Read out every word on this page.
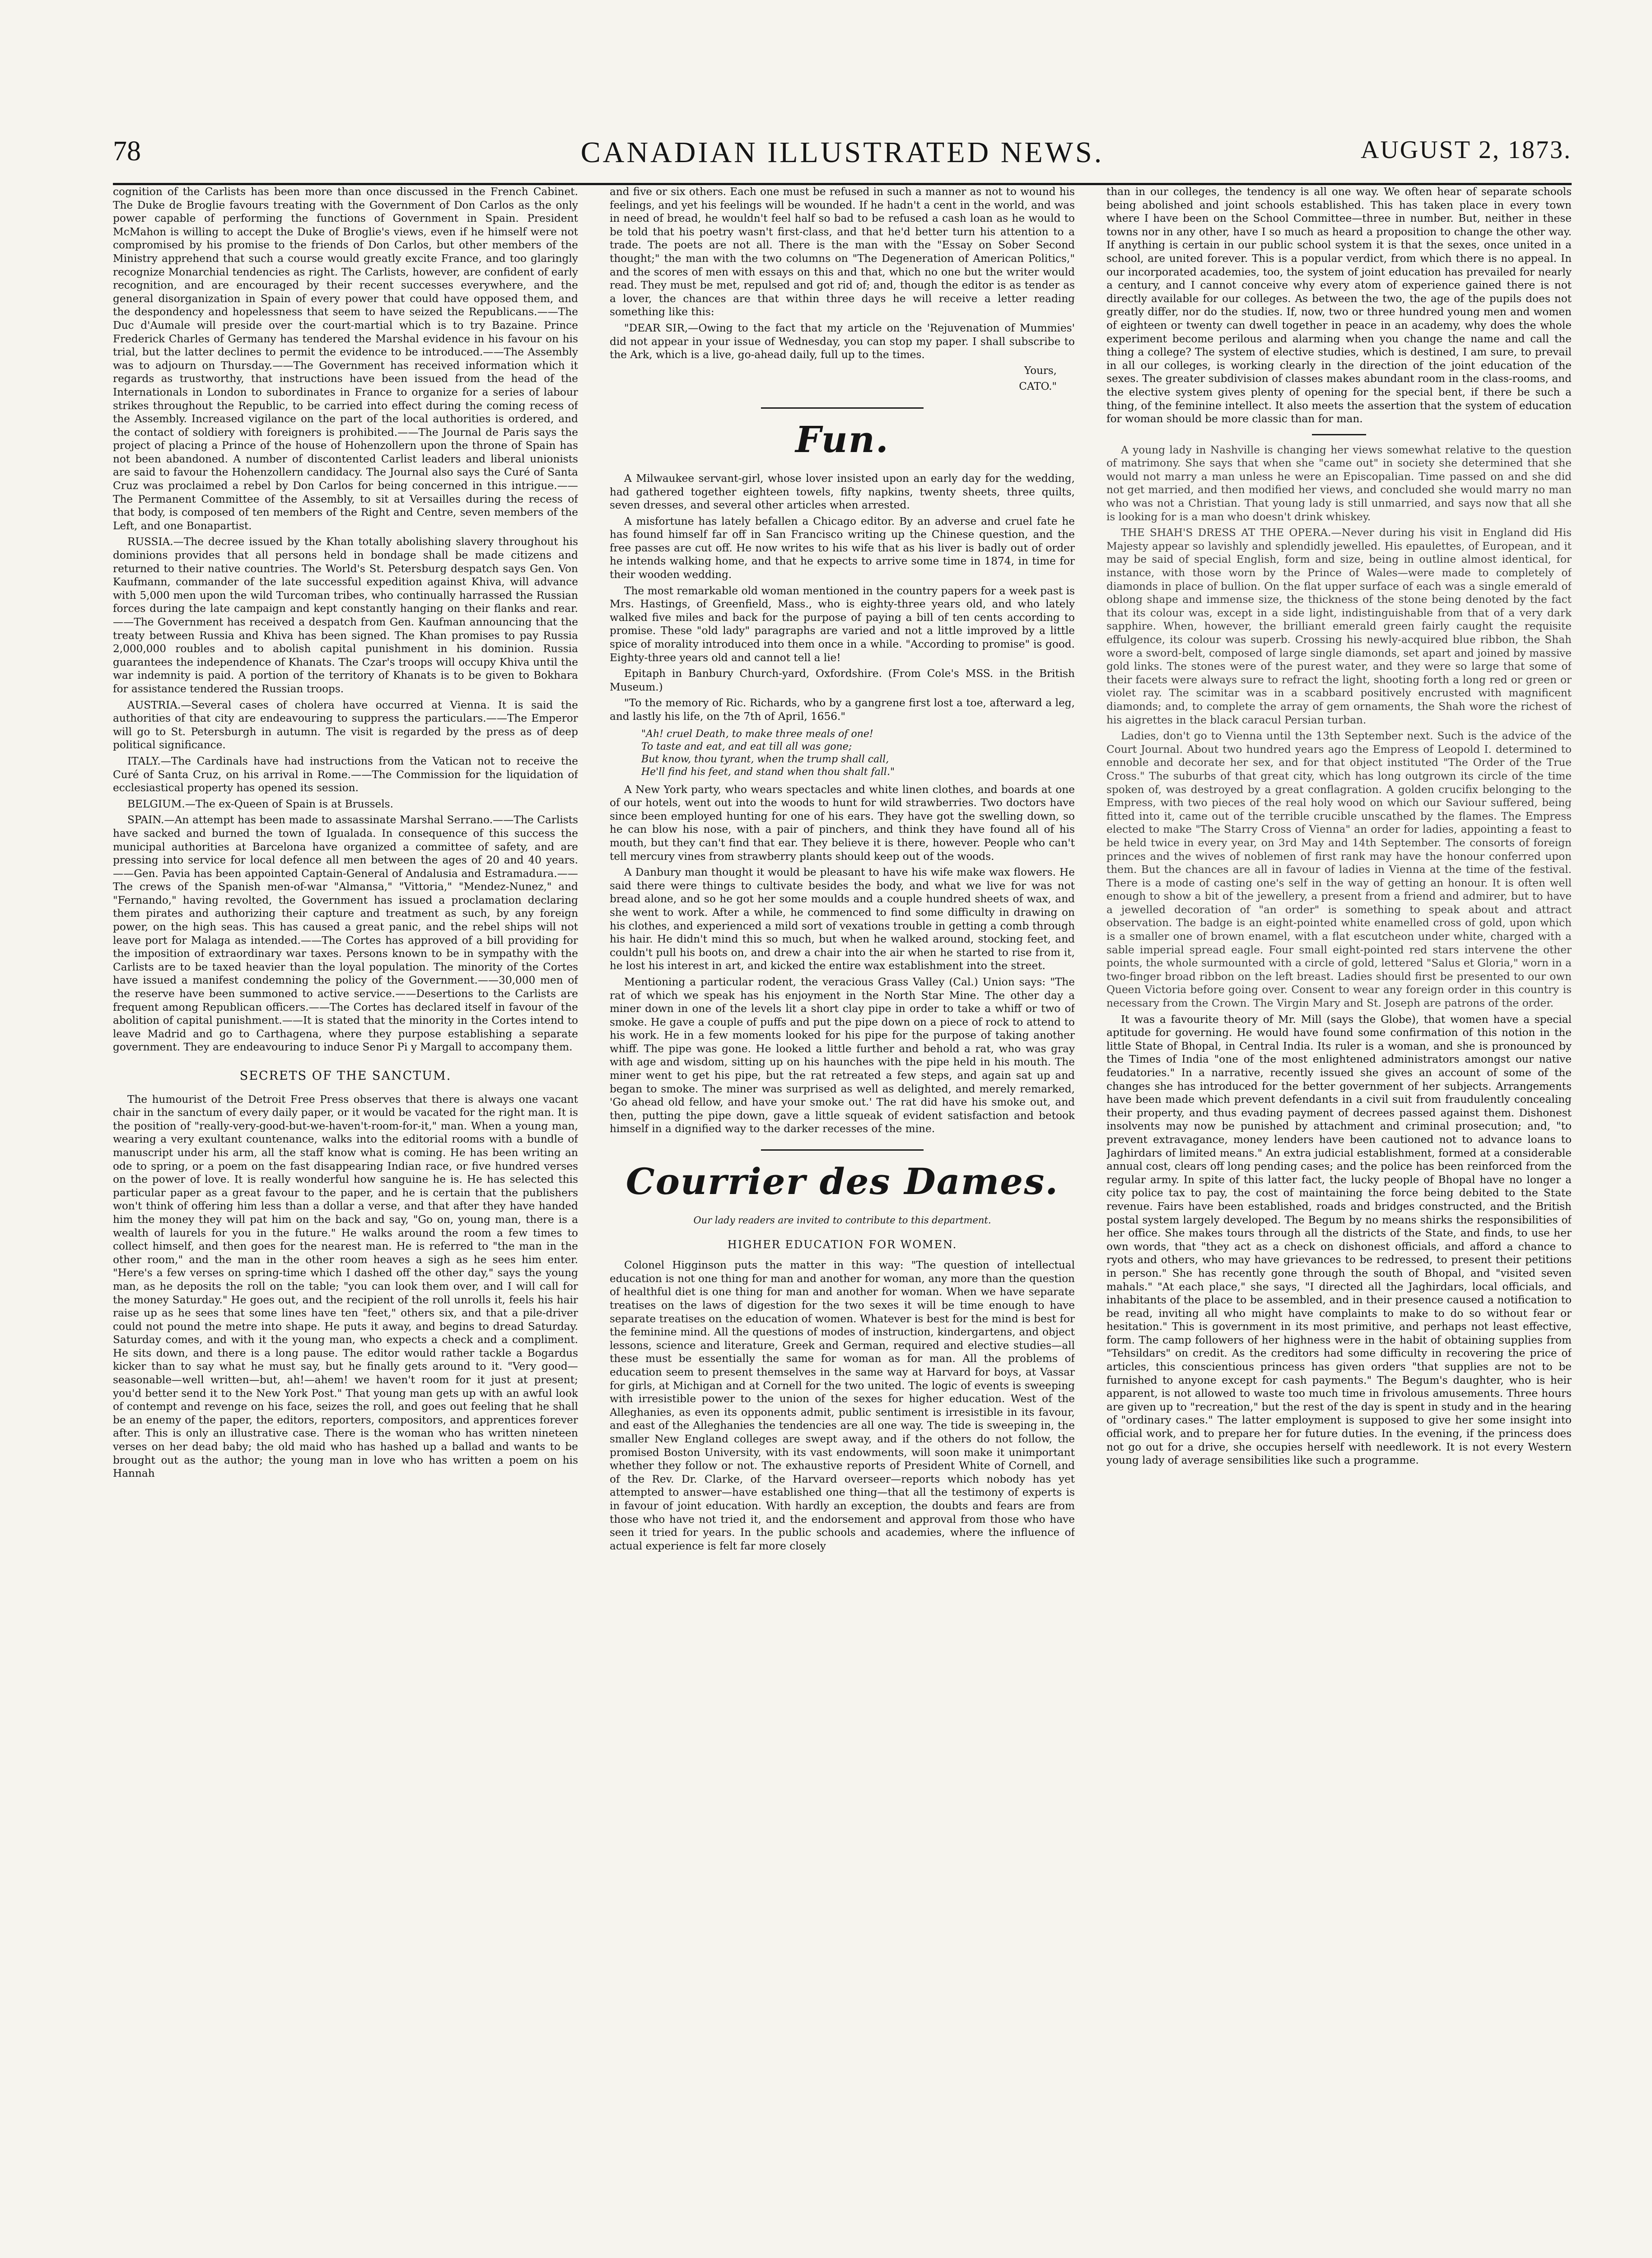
78	CANADIAN ILLUSTRATED NEWS.	AUGUST 2, 1873.

cognition of the Carlists has been more than once discussed in the French Cabinet. The Duke de Broglie favours treating with the Government of Don Carlos as the only power capable of performing the functions of Government in Spain. President McMahon is willing to accept the Duke of Broglie's views, even if he himself were not compromised by his promise to the friends of Don Carlos, but other members of the Ministry apprehend that such a course would greatly excite France, and too glaringly recognize Monarchial tendencies as right. The Carlists, however, are confident of early recognition, and are encouraged by their recent successes everywhere, and the general disorganization in Spain of every power that could have opposed them, and the despondency and hopelessness that seem to have seized the Republicans.——The Duc d'Aumale will preside over the court-martial which is to try Bazaine. Prince Frederick Charles of Germany has tendered the Marshal evidence in his favour on his trial, but the latter declines to permit the evidence to be introduced.——The Assembly was to adjourn on Thursday.——The Government has received information which it regards as trustworthy, that instructions have been issued from the head of the Internationals in London to subordinates in France to organize for a series of labour strikes throughout the Republic, to be carried into effect during the coming recess of the Assembly. Increased vigilance on the part of the local authorities is ordered, and the contact of soldiery with foreigners is prohibited.——The Journal de Paris says the project of placing a Prince of the house of Hohenzollern upon the throne of Spain has not been abandoned. A number of discontented Carlist leaders and liberal unionists are said to favour the Hohenzollern candidacy. The Journal also says the Curé of Santa Cruz was proclaimed a rebel by Don Carlos for being concerned in this intrigue.——The Permanent Committee of the Assembly, to sit at Versailles during the recess of that body, is composed of ten members of the Right and Centre, seven members of the Left, and one Bonapartist.

RUSSIA.—The decree issued by the Khan totally abolishing slavery throughout his dominions provides that all persons held in bondage shall be made citizens and returned to their native countries. The World's St. Petersburg despatch says Gen. Von Kaufmann, commander of the late successful expedition against Khiva, will advance with 5,000 men upon the wild Turcoman tribes, who continually harrassed the Russian forces during the late campaign and kept constantly hanging on their flanks and rear.——The Government has received a despatch from Gen. Kaufman announcing that the treaty between Russia and Khiva has been signed. The Khan promises to pay Russia 2,000,000 roubles and to abolish capital punishment in his dominion. Russia guarantees the independence of Khanats. The Czar's troops will occupy Khiva until the war indemnity is paid. A portion of the territory of Khanats is to be given to Bokhara for assistance tendered the Russian troops.

AUSTRIA.—Several cases of cholera have occurred at Vienna. It is said the authorities of that city are endeavouring to suppress the particulars.——The Emperor will go to St. Petersburgh in autumn. The visit is regarded by the press as of deep political significance.

ITALY.—The Cardinals have had instructions from the Vatican not to receive the Curé of Santa Cruz, on his arrival in Rome.——The Commission for the liquidation of ecclesiastical property has opened its session.

BELGIUM.—The ex-Queen of Spain is at Brussels.

SPAIN.—An attempt has been made to assassinate Marshal Serrano.——The Carlists have sacked and burned the town of Igualada. In consequence of this success the municipal authorities at Barcelona have organized a committee of safety, and are pressing into service for local defence all men between the ages of 20 and 40 years.——Gen. Pavia has been appointed Captain-General of Andalusia and Estramadura.——The crews of the Spanish men-of-war "Almansa," "Vittoria," "Mendez-Nunez," and "Fernando," having revolted, the Government has issued a proclamation declaring them pirates and authorizing their capture and treatment as such, by any foreign power, on the high seas. This has caused a great panic, and the rebel ships will not leave port for Malaga as intended.——The Cortes has approved of a bill providing for the imposition of extraordinary war taxes. Persons known to be in sympathy with the Carlists are to be taxed heavier than the loyal population. The minority of the Cortes have issued a manifest condemning the policy of the Government.——30,000 men of the reserve have been summoned to active service.——Desertions to the Carlists are frequent among Republican officers.——The Cortes has declared itself in favour of the abolition of capital punishment.——It is stated that the minority in the Cortes intend to leave Madrid and go to Carthagena, where they purpose establishing a separate government. They are endeavouring to induce Senor Pi y Margall to accompany them.

SECRETS OF THE SANCTUM.

The humourist of the Detroit Free Press observes that there is always one vacant chair in the sanctum of every daily paper, or it would be vacated for the right man. It is the position of "really-very-good-but-we-haven't-room-for-it," man. When a young man, wearing a very exultant countenance, walks into the editorial rooms with a bundle of manuscript under his arm, all the staff know what is coming. He has been writing an ode to spring, or a poem on the fast disappearing Indian race, or five hundred verses on the power of love. It is really wonderful how sanguine he is. He has selected this particular paper as a great favour to the paper, and he is certain that the publishers won't think of offering him less than a dollar a verse, and that after they have handed him the money they will pat him on the back and say, "Go on, young man, there is a wealth of laurels for you in the future." He walks around the room a few times to collect himself, and then goes for the nearest man. He is referred to "the man in the other room," and the man in the other room heaves a sigh as he sees him enter. "Here's a few verses on spring-time which I dashed off the other day," says the young man, as he deposits the roll on the table; "you can look them over, and I will call for the money Saturday." He goes out, and the recipient of the roll unrolls it, feels his hair raise up as he sees that some lines have ten "feet," others six, and that a pile-driver could not pound the metre into shape. He puts it away, and begins to dread Saturday. Saturday comes, and with it the young man, who expects a check and a compliment. He sits down, and there is a long pause. The editor would rather tackle a Bogardus kicker than to say what he must say, but he finally gets around to it. "Very good—seasonable—well written—but, ah!—ahem! we haven't room for it just at present; you'd better send it to the New York Post." That young man gets up with an awful look of contempt and revenge on his face, seizes the roll, and goes out feeling that he shall be an enemy of the paper, the editors, reporters, compositors, and apprentices forever after. This is only an illustrative case. There is the woman who has written nineteen verses on her dead baby; the old maid who has hashed up a ballad and wants to be brought out as the author; the young man in love who has written a poem on his Hannah

and five or six others. Each one must be refused in such a manner as not to wound his feelings, and yet his feelings will be wounded. If he hadn't a cent in the world, and was in need of bread, he wouldn't feel half so bad to be refused a cash loan as he would to be told that his poetry wasn't first-class, and that he'd better turn his attention to a trade. The poets are not all. There is the man with the "Essay on Sober Second thought;" the man with the two columns on "The Degeneration of American Politics," and the scores of men with essays on this and that, which no one but the writer would read. They must be met, repulsed and got rid of; and, though the editor is as tender as a lover, the chances are that within three days he will receive a letter reading something like this:

"DEAR SIR,—Owing to the fact that my article on the 'Rejuvenation of Mummies' did not appear in your issue of Wednesday, you can stop my paper. I shall subscribe to the Ark, which is a live, go-ahead daily, full up to the times.

Yours,
CATO."
Fun.

A Milwaukee servant-girl, whose lover insisted upon an early day for the wedding, had gathered together eighteen towels, fifty napkins, twenty sheets, three quilts, seven dresses, and several other articles when arrested.

A misfortune has lately befallen a Chicago editor. By an adverse and cruel fate he has found himself far off in San Francisco writing up the Chinese question, and the free passes are cut off. He now writes to his wife that as his liver is badly out of order he intends walking home, and that he expects to arrive some time in 1874, in time for their wooden wedding.

The most remarkable old woman mentioned in the country papers for a week past is Mrs. Hastings, of Greenfield, Mass., who is eighty-three years old, and who lately walked five miles and back for the purpose of paying a bill of ten cents according to promise. These "old lady" paragraphs are varied and not a little improved by a little spice of morality introduced into them once in a while. "According to promise" is good. Eighty-three years old and cannot tell a lie!

Epitaph in Banbury Church-yard, Oxfordshire. (From Cole's MSS. in the British Museum.)

"To the memory of Ric. Richards, who by a gangrene first lost a toe, afterward a leg, and lastly his life, on the 7th of April, 1656."

"Ah! cruel Death, to make three meals of one!
To taste and eat, and eat till all was gone;
But know, thou tyrant, when the trump shall call,
He'll find his feet, and stand when thou shalt fall."

A New York party, who wears spectacles and white linen clothes, and boards at one of our hotels, went out into the woods to hunt for wild strawberries. Two doctors have since been employed hunting for one of his ears. They have got the swelling down, so he can blow his nose, with a pair of pinchers, and think they have found all of his mouth, but they can't find that ear. They believe it is there, however. People who can't tell mercury vines from strawberry plants should keep out of the woods.

A Danbury man thought it would be pleasant to have his wife make wax flowers. He said there were things to cultivate besides the body, and what we live for was not bread alone, and so he got her some moulds and a couple hundred sheets of wax, and she went to work. After a while, he commenced to find some difficulty in drawing on his clothes, and experienced a mild sort of vexations trouble in getting a comb through his hair. He didn't mind this so much, but when he walked around, stocking feet, and couldn't pull his boots on, and drew a chair into the air when he started to rise from it, he lost his interest in art, and kicked the entire wax establishment into the street.

Mentioning a particular rodent, the veracious Grass Valley (Cal.) Union says: "The rat of which we speak has his enjoyment in the North Star Mine. The other day a miner down in one of the levels lit a short clay pipe in order to take a whiff or two of smoke. He gave a couple of puffs and put the pipe down on a piece of rock to attend to his work. He in a few moments looked for his pipe for the purpose of taking another whiff. The pipe was gone. He looked a little further and behold a rat, who was gray with age and wisdom, sitting up on his haunches with the pipe held in his mouth. The miner went to get his pipe, but the rat retreated a few steps, and again sat up and began to smoke. The miner was surprised as well as delighted, and merely remarked, 'Go ahead old fellow, and have your smoke out.' The rat did have his smoke out, and then, putting the pipe down, gave a little squeak of evident satisfaction and betook himself in a dignified way to the darker recesses of the mine.

Courrier des Dames.
Our lady readers are invited to contribute to this department.
HIGHER EDUCATION FOR WOMEN.

Colonel Higginson puts the matter in this way: "The question of intellectual education is not one thing for man and another for woman, any more than the question of healthful diet is one thing for man and another for woman. When we have separate treatises on the laws of digestion for the two sexes it will be time enough to have separate treatises on the education of women. Whatever is best for the mind is best for the feminine mind. All the questions of modes of instruction, kindergartens, and object lessons, science and literature, Greek and German, required and elective studies—all these must be essentially the same for woman as for man. All the problems of education seem to present themselves in the same way at Harvard for boys, at Vassar for girls, at Michigan and at Cornell for the two united. The logic of events is sweeping with irresistible power to the union of the sexes for higher education. West of the Alleghanies, as even its opponents admit, public sentiment is irresistible in its favour, and east of the Alleghanies the tendencies are all one way. The tide is sweeping in, the smaller New England colleges are swept away, and if the others do not follow, the promised Boston University, with its vast endowments, will soon make it unimportant whether they follow or not. The exhaustive reports of President White of Cornell, and of the Rev. Dr. Clarke, of the Harvard overseer—reports which nobody has yet attempted to answer—have established one thing—that all the testimony of experts is in favour of joint education. With hardly an exception, the doubts and fears are from those who have not tried it, and the endorsement and approval from those who have seen it tried for years. In the public schools and academies, where the influence of actual experience is felt far more closely

than in our colleges, the tendency is all one way. We often hear of separate schools being abolished and joint schools established. This has taken place in every town where I have been on the School Committee—three in number. But, neither in these towns nor in any other, have I so much as heard a proposition to change the other way. If anything is certain in our public school system it is that the sexes, once united in a school, are united forever. This is a popular verdict, from which there is no appeal. In our incorporated academies, too, the system of joint education has prevailed for nearly a century, and I cannot conceive why every atom of experience gained there is not directly available for our colleges. As between the two, the age of the pupils does not greatly differ, nor do the studies. If, now, two or three hundred young men and women of eighteen or twenty can dwell together in peace in an academy, why does the whole experiment become perilous and alarming when you change the name and call the thing a college? The system of elective studies, which is destined, I am sure, to prevail in all our colleges, is working clearly in the direction of the joint education of the sexes. The greater subdivision of classes makes abundant room in the class-rooms, and the elective system gives plenty of opening for the special bent, if there be such a thing, of the feminine intellect. It also meets the assertion that the system of education for woman should be more classic than for man.

A young lady in Nashville is changing her views somewhat relative to the question of matrimony. She says that when she "came out" in society she determined that she would not marry a man unless he were an Episcopalian. Time passed on and she did not get married, and then modified her views, and concluded she would marry no man who was not a Christian. That young lady is still unmarried, and says now that all she is looking for is a man who doesn't drink whiskey.

THE SHAH'S DRESS AT THE OPERA.—Never during his visit in England did His Majesty appear so lavishly and splendidly jewelled. His epaulettes, of European, and it may be said of special English, form and size, being in outline almost identical, for instance, with those worn by the Prince of Wales—were made to completely of diamonds in place of bullion. On the flat upper surface of each was a single emerald of oblong shape and immense size, the thickness of the stone being denoted by the fact that its colour was, except in a side light, indistinguishable from that of a very dark sapphire. When, however, the brilliant emerald green fairly caught the requisite effulgence, its colour was superb. Crossing his newly-acquired blue ribbon, the Shah wore a sword-belt, composed of large single diamonds, set apart and joined by massive gold links. The stones were of the purest water, and they were so large that some of their facets were always sure to refract the light, shooting forth a long red or green or violet ray. The scimitar was in a scabbard positively encrusted with magnificent diamonds; and, to complete the array of gem ornaments, the Shah wore the richest of his aigrettes in the black caracul Persian turban.

Ladies, don't go to Vienna until the 13th September next. Such is the advice of the Court Journal. About two hundred years ago the Empress of Leopold I. determined to ennoble and decorate her sex, and for that object instituted "The Order of the True Cross." The suburbs of that great city, which has long outgrown its circle of the time spoken of, was destroyed by a great conflagration. A golden crucifix belonging to the Empress, with two pieces of the real holy wood on which our Saviour suffered, being fitted into it, came out of the terrible crucible unscathed by the flames. The Empress elected to make "The Starry Cross of Vienna" an order for ladies, appointing a feast to be held twice in every year, on 3rd May and 14th September. The consorts of foreign princes and the wives of noblemen of first rank may have the honour conferred upon them. But the chances are all in favour of ladies in Vienna at the time of the festival. There is a mode of casting one's self in the way of getting an honour. It is often well enough to show a bit of the jewellery, a present from a friend and admirer, but to have a jewelled decoration of "an order" is something to speak about and attract observation. The badge is an eight-pointed white enamelled cross of gold, upon which is a smaller one of brown enamel, with a flat escutcheon under white, charged with a sable imperial spread eagle. Four small eight-pointed red stars intervene the other points, the whole surmounted with a circle of gold, lettered "Salus et Gloria," worn in a two-finger broad ribbon on the left breast. Ladies should first be presented to our own Queen Victoria before going over. Consent to wear any foreign order in this country is necessary from the Crown. The Virgin Mary and St. Joseph are patrons of the order.

It was a favourite theory of Mr. Mill (says the Globe), that women have a special aptitude for governing. He would have found some confirmation of this notion in the little State of Bhopal, in Central India. Its ruler is a woman, and she is pronounced by the Times of India "one of the most enlightened administrators amongst our native feudatories." In a narrative, recently issued she gives an account of some of the changes she has introduced for the better government of her subjects. Arrangements have been made which prevent defendants in a civil suit from fraudulently concealing their property, and thus evading payment of decrees passed against them. Dishonest insolvents may now be punished by attachment and criminal prosecution; and, "to prevent extravagance, money lenders have been cautioned not to advance loans to Jaghirdars of limited means." An extra judicial establishment, formed at a considerable annual cost, clears off long pending cases; and the police has been reinforced from the regular army. In spite of this latter fact, the lucky people of Bhopal have no longer a city police tax to pay, the cost of maintaining the force being debited to the State revenue. Fairs have been established, roads and bridges constructed, and the British postal system largely developed. The Begum by no means shirks the responsibilities of her office. She makes tours through all the districts of the State, and finds, to use her own words, that "they act as a check on dishonest officials, and afford a chance to ryots and others, who may have grievances to be redressed, to present their petitions in person." She has recently gone through the south of Bhopal, and "visited seven mahals." "At each place," she says, "I directed all the Jaghirdars, local officials, and inhabitants of the place to be assembled, and in their presence caused a notification to be read, inviting all who might have complaints to make to do so without fear or hesitation." This is government in its most primitive, and perhaps not least effective, form. The camp followers of her highness were in the habit of obtaining supplies from "Tehsildars" on credit. As the creditors had some difficulty in recovering the price of articles, this conscientious princess has given orders "that supplies are not to be furnished to anyone except for cash payments." The Begum's daughter, who is heir apparent, is not allowed to waste too much time in frivolous amusements. Three hours are given up to "recreation," but the rest of the day is spent in study and in the hearing of "ordinary cases." The latter employment is supposed to give her some insight into official work, and to prepare her for future duties. In the evening, if the princess does not go out for a drive, she occupies herself with needlework. It is not every Western young lady of average sensibilities like such a programme.
